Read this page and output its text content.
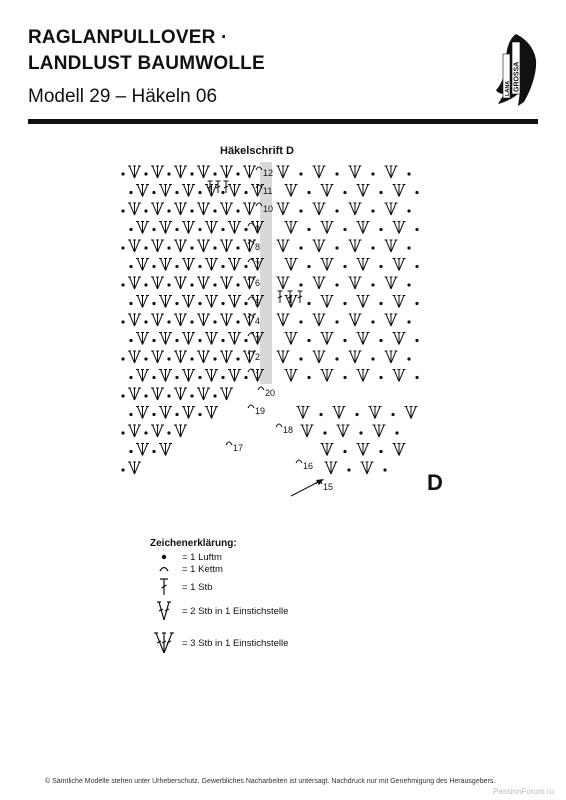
RAGLANPULLOVER ·
LANDLUST BAUMWOLLE

Modell 29 – Häkeln 06	LANA GROSSA
Häkelschrift D
12
11
10
9
8
7
6
5
4
3
2
1
20
19
18
17
16
15	D
Zeichenerklärung:
= 1 Luftm
= 1 Kettm
= 1 Stb
= 2 Stb in 1 Einstichstelle
= 3 Stb in 1 Einstichstelle
© Sämtliche Modelle stehen unter Urheberschutz. Gewerbliches Nacharbeiten ist untersagt. Nachdruck nur mit Genehmigung des Herausgebers.
PassionForum.ru
